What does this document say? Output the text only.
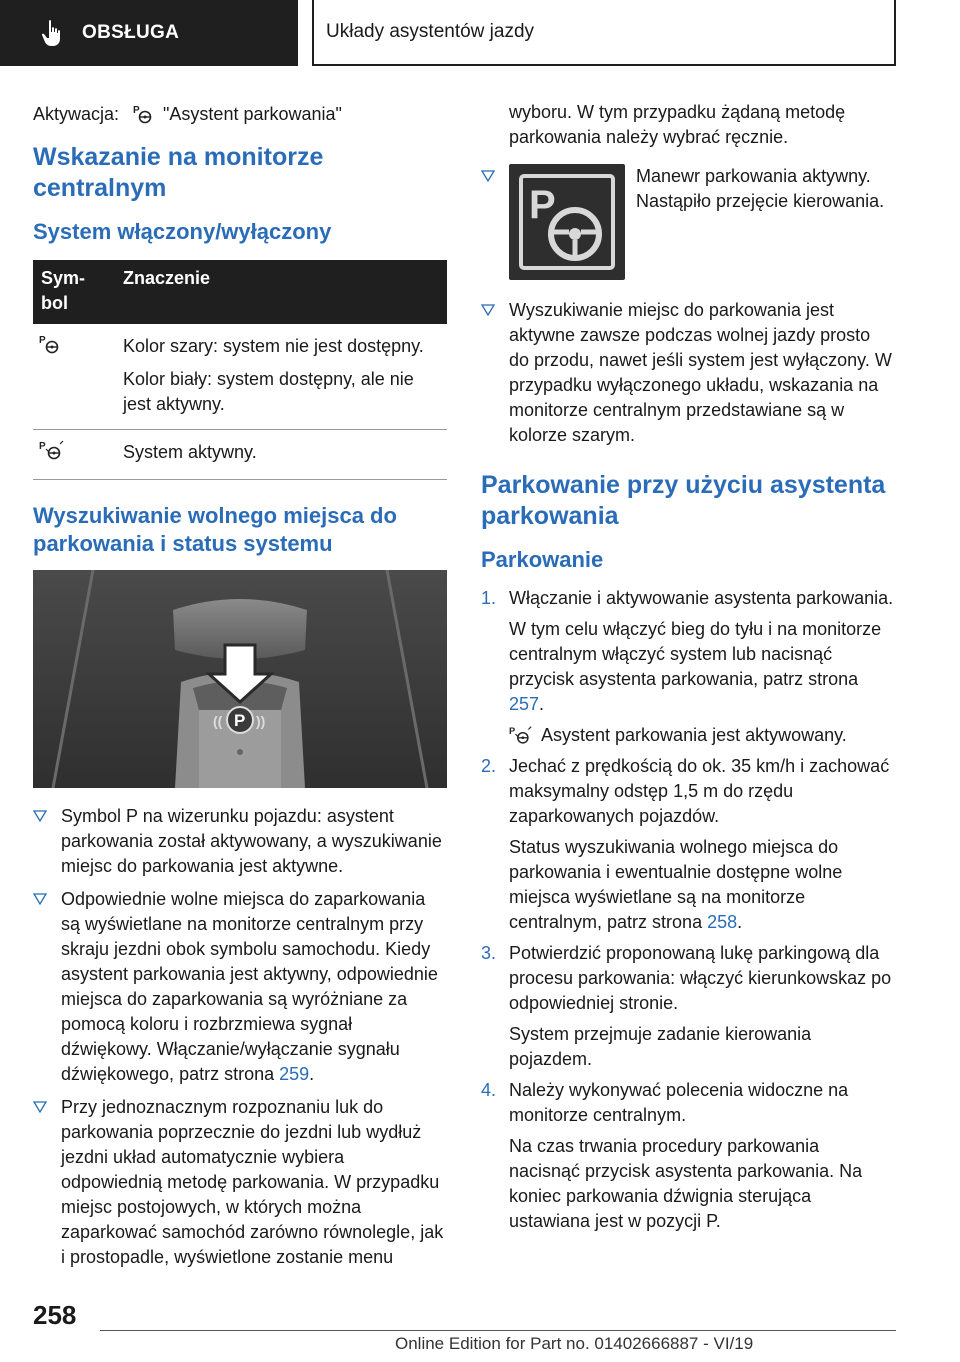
OBSŁUGA	Układy asystentów jazdy
Aktywacja: P "Asystent parkowania"
Wskazanie na monitorze centralnym
System włączony/wyłączony
Sym-bol	Znaczenie

P	Kolor szary: system nie jest dostępny.

Kolor biały: system dostępny, ale nie jest aktywny.

P	System aktywny.
Wyszukiwanie wolnego miejsca do parkowania i status systemu
P
(( ))
Symbol P na wizerunku pojazdu: asystent parkowania został aktywowany, a wyszukiwanie miejsc do parkowania jest aktywne.
Odpowiednie wolne miejsca do zaparkowania są wyświetlane na monitorze centralnym przy skraju jezdni obok symbolu samochodu. Kiedy asystent parkowania jest aktywny, odpowiednie miejsca do zaparkowania są wyróżniane za pomocą koloru i rozbrzmiewa sygnał dźwiękowy. Włączanie/wyłączanie sygnału dźwiękowego, patrz strona 259.
Przy jednoznacznym rozpoznaniu luk do parkowania poprzecznie do jezdni lub wydłuż jezdni układ automatycznie wybiera odpowiednią metodę parkowania. W przypadku miejsc postojowych, w których można zaparkować samochód zarówno równolegle, jak i prostopadle, wyświetlone zostanie menu
wyboru. W tym przypadku żądaną metodę parkowania należy wybrać ręcznie.
P
Manewr parkowania aktywny. Nastąpiło przejęcie kierowania.
Wyszukiwanie miejsc do parkowania jest aktywne zawsze podczas wolnej jazdy prosto do przodu, nawet jeśli system jest wyłączony. W przypadku wyłączonego układu, wskazania na monitorze centralnym przedstawiane są w kolorze szarym.
Parkowanie przy użyciu asystenta parkowania
Parkowanie
1. Włączanie i aktywowanie asystenta parkowania.

W tym celu włączyć bieg do tyłu i na monitorze centralnym włączyć system lub nacisnąć przycisk asystenta parkowania, patrz strona 257.

P Asystent parkowania jest aktywowany.

2. Jechać z prędkością do ok. 35 km/h i zachować maksymalny odstęp 1,5 m do rzędu zaparkowanych pojazdów.

Status wyszukiwania wolnego miejsca do parkowania i ewentualnie dostępne wolne miejsca wyświetlane są na monitorze centralnym, patrz strona 258.

3. Potwierdzić proponowaną lukę parkingową dla procesu parkowania: włączyć kierunkowskaz po odpowiedniej stronie.

System przejmuje zadanie kierowania pojazdem.

4. Należy wykonywać polecenia widoczne na monitorze centralnym.

Na czas trwania procedury parkowania nacisnąć przycisk asystenta parkowania. Na koniec parkowania dźwignia sterująca ustawiana jest w pozycji P.

258
Online Edition for Part no. 01402666887 - VI/19
